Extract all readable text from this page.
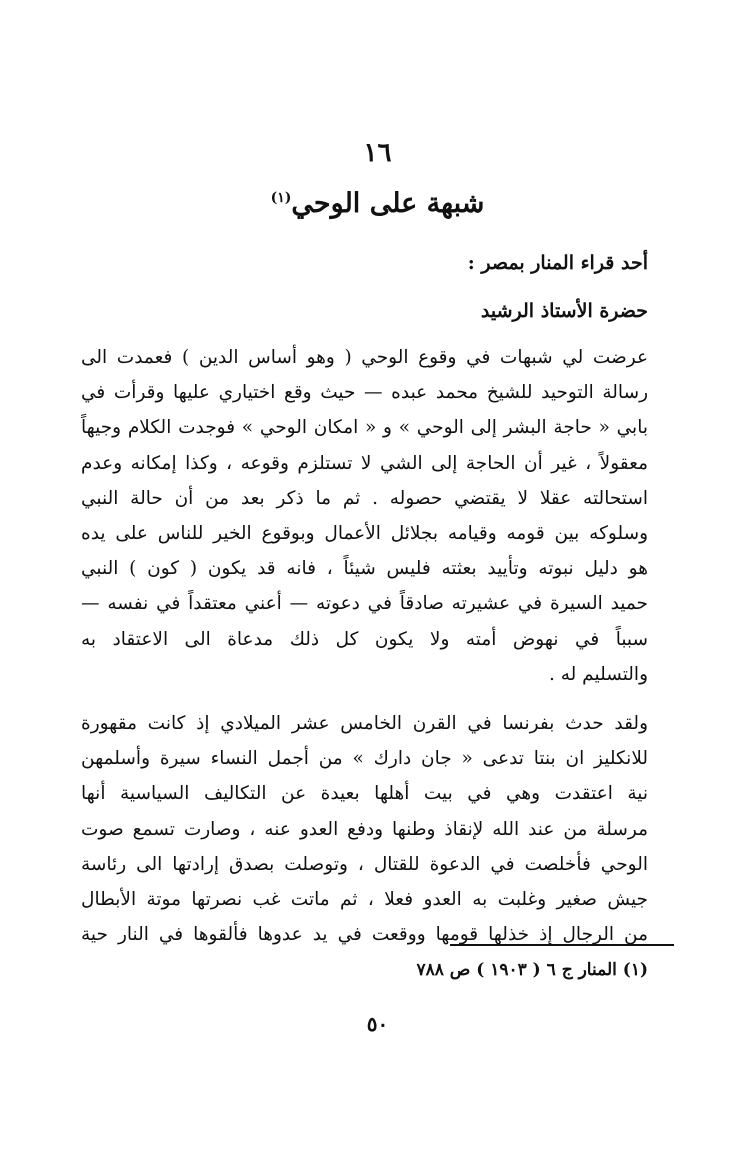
١٦
شبهة على الوحي$^{(١)}$
أحد قراء المنار بمصر :
حضرة الأستاذ الرشيد

عرضت لي شبهات في وقوع الوحي ( وهو أساس الدين ) فعمدت الى
رسالة التوحيد للشيخ محمد عبده — حيث وقع اختياري عليها وقرأت في
بابي « حاجة البشر إلى الوحي » و « امكان الوحي » فوجدت الكلام وجيهاً
معقولاً ، غير أن الحاجة إلى الشي لا تستلزم وقوعه ، وكذا إمكانه وعدم
استحالته عقلا لا يقتضي حصوله . ثم ما ذكر بعد من أن حالة النبي
وسلوكه بين قومه وقيامه بجلائل الأعمال وبوقوع الخير للناس على يده
هو دليل نبوته وتأييد بعثته فليس شيئاً ، فانه قد يكون ( كون ) النبي
حميد السيرة في عشيرته صادقاً في دعوته — أعني معتقداً في نفسه —
سبباً في نهوض أمته ولا يكون كل ذلك مدعاة الى الاعتقاد به
والتسليم له .

ولقد حدث بفرنسا في القرن الخامس عشر الميلادي إذ كانت مقهورة
للانكليز ان بنتا تدعى « جان دارك » من أجمل النساء سيرة وأسلمهن
نية اعتقدت وهي في بيت أهلها بعيدة عن التكاليف السياسية أنها
مرسلة من عند الله لإنقاذ وطنها ودفع العدو عنه ، وصارت تسمع صوت
الوحي فأخلصت في الدعوة للقتال ، وتوصلت بصدق إرادتها الى رئاسة
جيش صغير وغلبت به العدو فعلا ، ثم ماتت غب نصرتها موتة الأبطال
من الرجال إذ خذلها قومها ووقعت في يد عدوها فألقوها في النار حية

(١) المنار ج ٦ ( ١٩٠٣ ) ص ٧٨٨
٥٠
